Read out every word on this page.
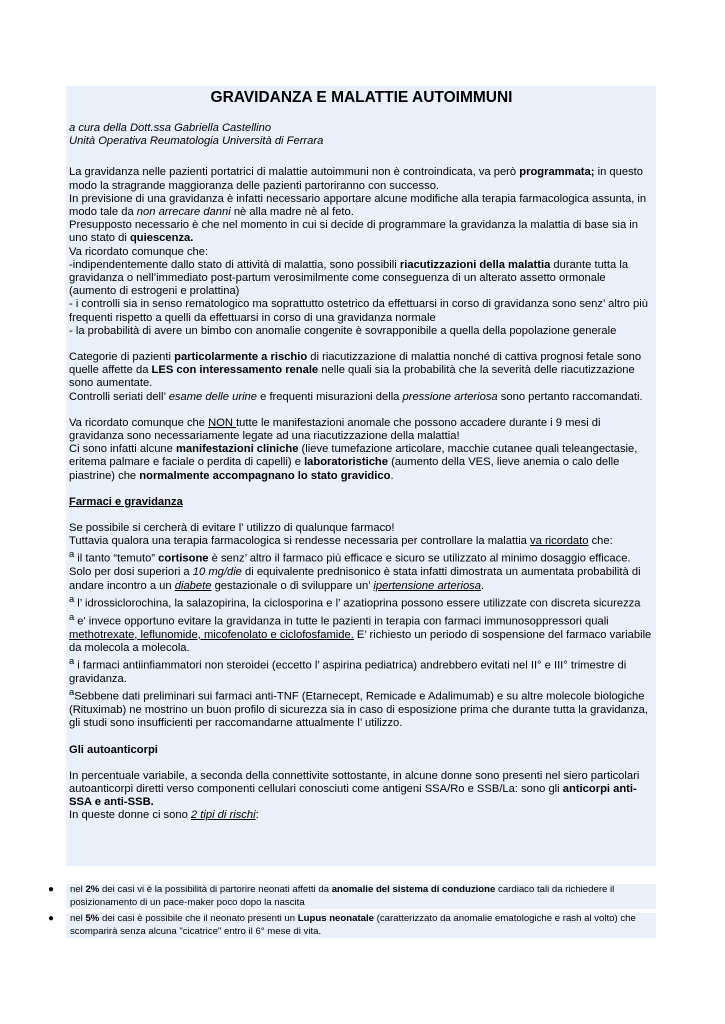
GRAVIDANZA E MALATTIE AUTOIMMUNI

a cura della Dott.ssa Gabriella Castellino

Unità Operativa Reumatologia Università di Ferrara

La gravidanza nelle pazienti portatrici di malattie autoimmuni non è controindicata, va però programmata; in questo modo la stragrande maggioranza delle pazienti partoriranno con successo.

In previsione di una gravidanza è infatti necessario apportare alcune modifiche alla terapia farmacologica assunta, in modo tale da non arrecare danni nè alla madre nè al feto.

Presupposto necessario è che nel momento in cui si decide di programmare la gravidanza la malattia di base sia in uno stato di quiescenza.

Va ricordato comunque che:

-indipendentemente dallo stato di attività di malattia, sono possibili riacutizzazioni della malattia durante tutta la gravidanza o nell’immediato post-partum verosimilmente come conseguenza di un alterato assetto ormonale (aumento di estrogeni e prolattina)

- i controlli sia in senso rematologico ma soprattutto ostetrico da effettuarsi in corso di gravidanza sono senz’ altro più frequenti rispetto a quelli da effettuarsi in corso di una gravidanza normale

- la probabilità di avere un bimbo con anomalie congenite è sovrapponibile a quella della popolazione generale

Categorie di pazienti particolarmente a rischio di riacutizzazione di malattia nonché di cattiva prognosi fetale sono quelle affette da LES con interessamento renale nelle quali sia la probabilità che la severità delle riacutizzazione sono aumentate.

Controlli seriati dell’ esame delle urine e frequenti misurazioni della pressione arteriosa sono pertanto raccomandati.

Va ricordato comunque che NON tutte le manifestazioni anomale che possono accadere durante i 9 mesi di gravidanza sono necessariamente legate ad una riacutizzazione della malattia!

Ci sono infatti alcune manifestazioni cliniche (lieve tumefazione articolare, macchie cutanee quali teleangectasie, eritema palmare e faciale o perdita di capelli) e laboratoristiche (aumento della VES, lieve anemia o calo delle piastrine) che normalmente accompagnano lo stato gravidico.

Farmaci e gravidanza

Se possibile si cercherà di evitare l' utilizzo di qualunque farmaco!

Tuttavia qualora una terapia farmacologica si rendesse necessaria per controllare la malattia va ricordato che:

$^a$ il tanto “temuto” cortisone è senz’ altro il farmaco più efficace e sicuro se utilizzato al minimo dosaggio efficace. Solo per dosi superiori a 10 mg/die di equivalente prednisonico è stata infatti dimostrata un aumentata probabilità di andare incontro a un diabete gestazionale o di sviluppare un’ ipertensione arteriosa.

$^a$ l’ idrossiclorochina, la salazopirina, la ciclosporina e l’ azatioprina possono essere utilizzate con discreta sicurezza

$^a$ e' invece opportuno evitare la gravidanza in tutte le pazienti in terapia con farmaci immunosoppressori quali methotrexate, leflunomide, micofenolato e ciclofosfamide. E’ richiesto un periodo di sospensione del farmaco variabile da molecola a molecola.

$^a$ i farmaci antiinfiammatori non steroidei (eccetto l’ aspirina pediatrica) andrebbero evitati nel II° e III° trimestre di gravidanza.

$^a$Sebbene dati preliminari sui farmaci anti-TNF (Etarnecept, Remicade e Adalimumab) e su altre molecole biologiche (Rituximab) ne mostrino un buon profilo di sicurezza sia in caso di esposizione prima che durante tutta la gravidanza, gli studi sono insufficienti per raccomandarne attualmente l’ utilizzo.

Gli autoanticorpi

In percentuale variabile, a seconda della connettivite sottostante, in alcune donne sono presenti nel siero particolari autoanticorpi diretti verso componenti cellulari conosciuti come antigeni SSA/Ro e SSB/La: sono gli anticorpi anti-SSA e anti-SSB.

In queste donne ci sono 2 tipi di rischi:

●	nel 2% dei casi vi è la possibilità di partorire neonati affetti da anomalie del sistema di conduzione cardiaco tali da richiedere il posizionamento di un pace-maker poco dopo la nascita
●	nel 5% dei casi è possibile che il neonato presenti un Lupus neonatale (caratterizzato da anomalie ematologiche e rash al volto) che scomparirà senza alcuna "cicatrice" entro il 6° mese di vita.
